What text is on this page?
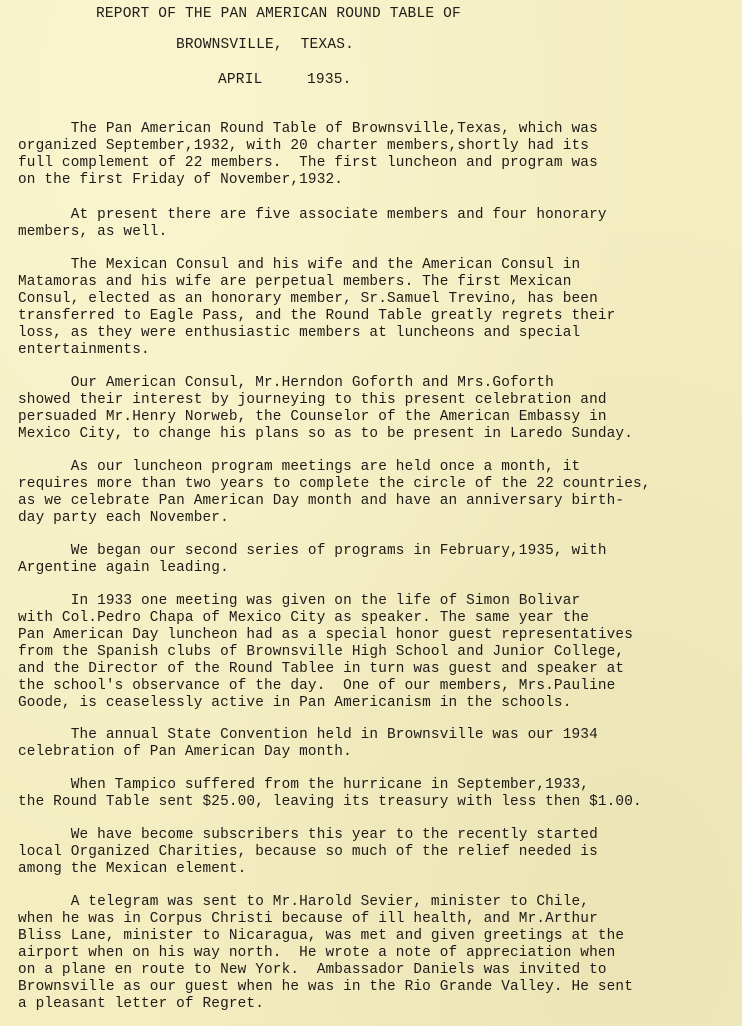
REPORT OF THE PAN AMERICAN ROUND TABLE OF
BROWNSVILLE,  TEXAS.
APRIL     1935.

The Pan American Round Table of Brownsville,Texas, which was
organized September,1932, with 20 charter members,shortly had its
full complement of 22 members.  The first luncheon and program was
on the first Friday of November,1932.

At present there are five associate members and four honorary
members, as well.

The Mexican Consul and his wife and the American Consul in
Matamoras and his wife are perpetual members. The first Mexican
Consul, elected as an honorary member, Sr.Samuel Trevino, has been
transferred to Eagle Pass, and the Round Table greatly regrets their
loss, as they were enthusiastic members at luncheons and special
entertainments.

Our American Consul, Mr.Herndon Goforth and Mrs.Goforth
showed their interest by journeying to this present celebration and
persuaded Mr.Henry Norweb, the Counselor of the American Embassy in
Mexico City, to change his plans so as to be present in Laredo Sunday.

As our luncheon program meetings are held once a month, it
requires more than two years to complete the circle of the 22 countries,
as we celebrate Pan American Day month and have an anniversary birth-
day party each November.

We began our second series of programs in February,1935, with
Argentine again leading.

In 1933 one meeting was given on the life of Simon Bolivar
with Col.Pedro Chapa of Mexico City as speaker. The same year the
Pan American Day luncheon had as a special honor guest representatives
from the Spanish clubs of Brownsville High School and Junior College,
and the Director of the Round Tablee in turn was guest and speaker at
the school's observance of the day.  One of our members, Mrs.Pauline
Goode, is ceaselessly active in Pan Americanism in the schools.

The annual State Convention held in Brownsville was our 1934
celebration of Pan American Day month.

When Tampico suffered from the hurricane in September,1933,
the Round Table sent $25.00, leaving its treasury with less then $1.00.

We have become subscribers this year to the recently started
local Organized Charities, because so much of the relief needed is
among the Mexican element.

A telegram was sent to Mr.Harold Sevier, minister to Chile,
when he was in Corpus Christi because of ill health, and Mr.Arthur
Bliss Lane, minister to Nicaragua, was met and given greetings at the
airport when on his way north.  He wrote a note of appreciation when
on a plane en route to New York.  Ambassador Daniels was invited to
Brownsville as our guest when he was in the Rio Grande Valley. He sent
a pleasant letter of Regret.
